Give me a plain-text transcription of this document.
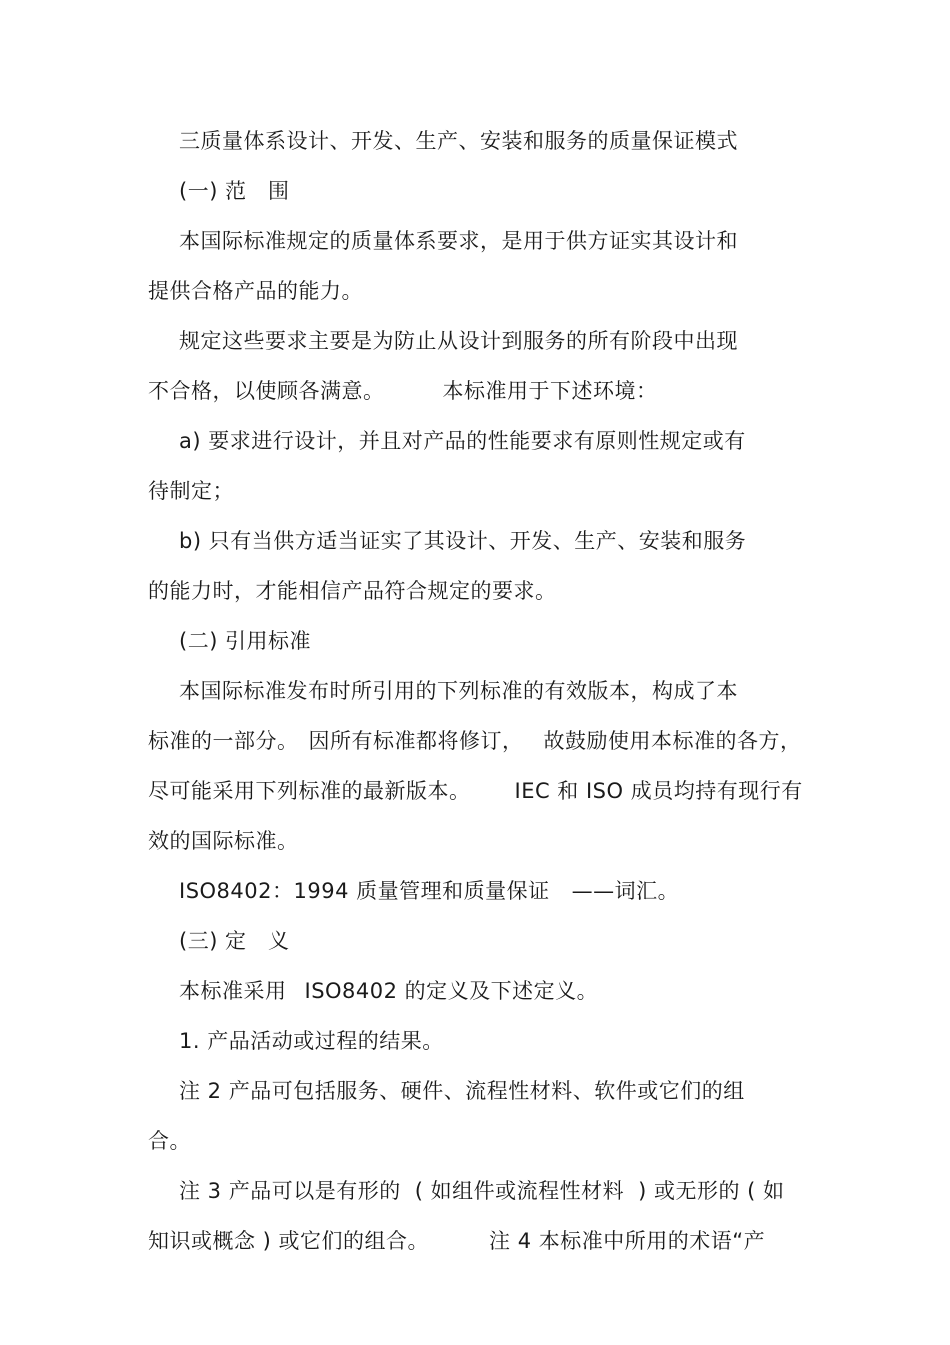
三质量体系设计、开发、生产、安装和服务的质量保证模式
(一) 范　围
本国际标准规定的质量体系要求，是用于供方证实其设计和
提供合格产品的能力。
规定这些要求主要是为防止从设计到服务的所有阶段中出现
不合格，以使顾各满意。	本标准用于下述环境：
a) 要求进行设计，并且对产品的性能要求有原则性规定或有
待制定；
b) 只有当供方适当证实了其设计、开发、生产、安装和服务
的能力时，才能相信产品符合规定的要求。
(二) 引用标准
本国际标准发布时所引用的下列标准的有效版本，构成了本
标准的一部分。 因所有标准都将修订， 故鼓励使用本标准的各方，
尽可能采用下列标准的最新版本。 IEC 和 ISO 成员均持有现行有
效的国际标准。
ISO8402：1994 质量管理和质量保证 ——词汇。
(三) 定　义
本标准采用 ISO8402 的定义及下述定义。
1. 产品活动或过程的结果。
注 2 产品可包括服务、硬件、流程性材料、软件或它们的组
合。
注 3 产品可以是有形的 ( 如组件或流程性材料 ) 或无形的 ( 如
知识或概念 ) 或它们的组合。	注 4 本标准中所用的术语“产
